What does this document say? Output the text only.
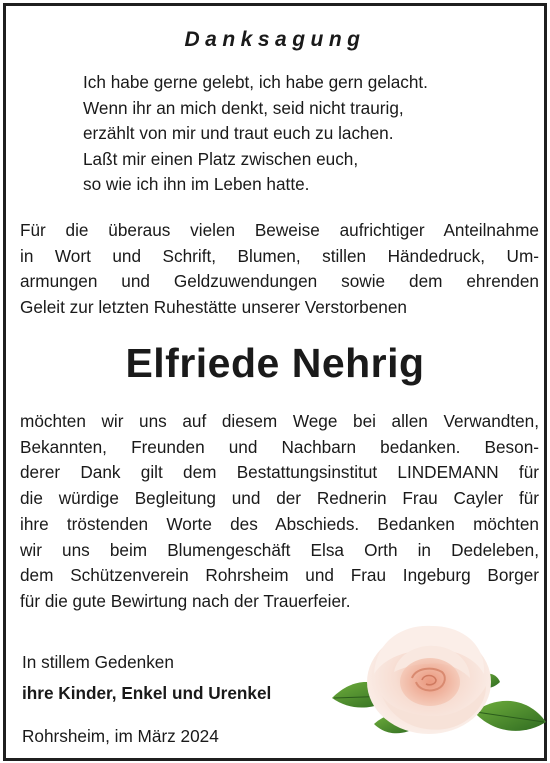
Danksagung
Ich habe gerne gelebt, ich habe gern gelacht.
Wenn ihr an mich denkt, seid nicht traurig,
erzählt von mir und traut euch zu lachen.
Laßt mir einen Platz zwischen euch,
so wie ich ihn im Leben hatte.
Für die überaus vielen Beweise aufrichtiger Anteilnahme
in Wort und Schrift, Blumen, stillen Händedruck, Um-
armungen und Geldzuwendungen sowie dem ehrenden
Geleit zur letzten Ruhestätte unserer Verstorbenen
Elfriede Nehrig
möchten wir uns auf diesem Wege bei allen Verwandten,
Bekannten, Freunden und Nachbarn bedanken. Beson-
derer Dank gilt dem Bestattungsinstitut LINDEMANN für
die würdige Begleitung und der Rednerin Frau Cayler für
ihre tröstenden Worte des Abschieds. Bedanken möchten
wir uns beim Blumengeschäft Elsa Orth in Dedeleben,
dem Schützenverein Rohrsheim und Frau Ingeburg Borger
für die gute Bewirtung nach der Trauerfeier.
In stillem Gedenken
ihre Kinder, Enkel und Urenkel
Rohrsheim, im März 2024
